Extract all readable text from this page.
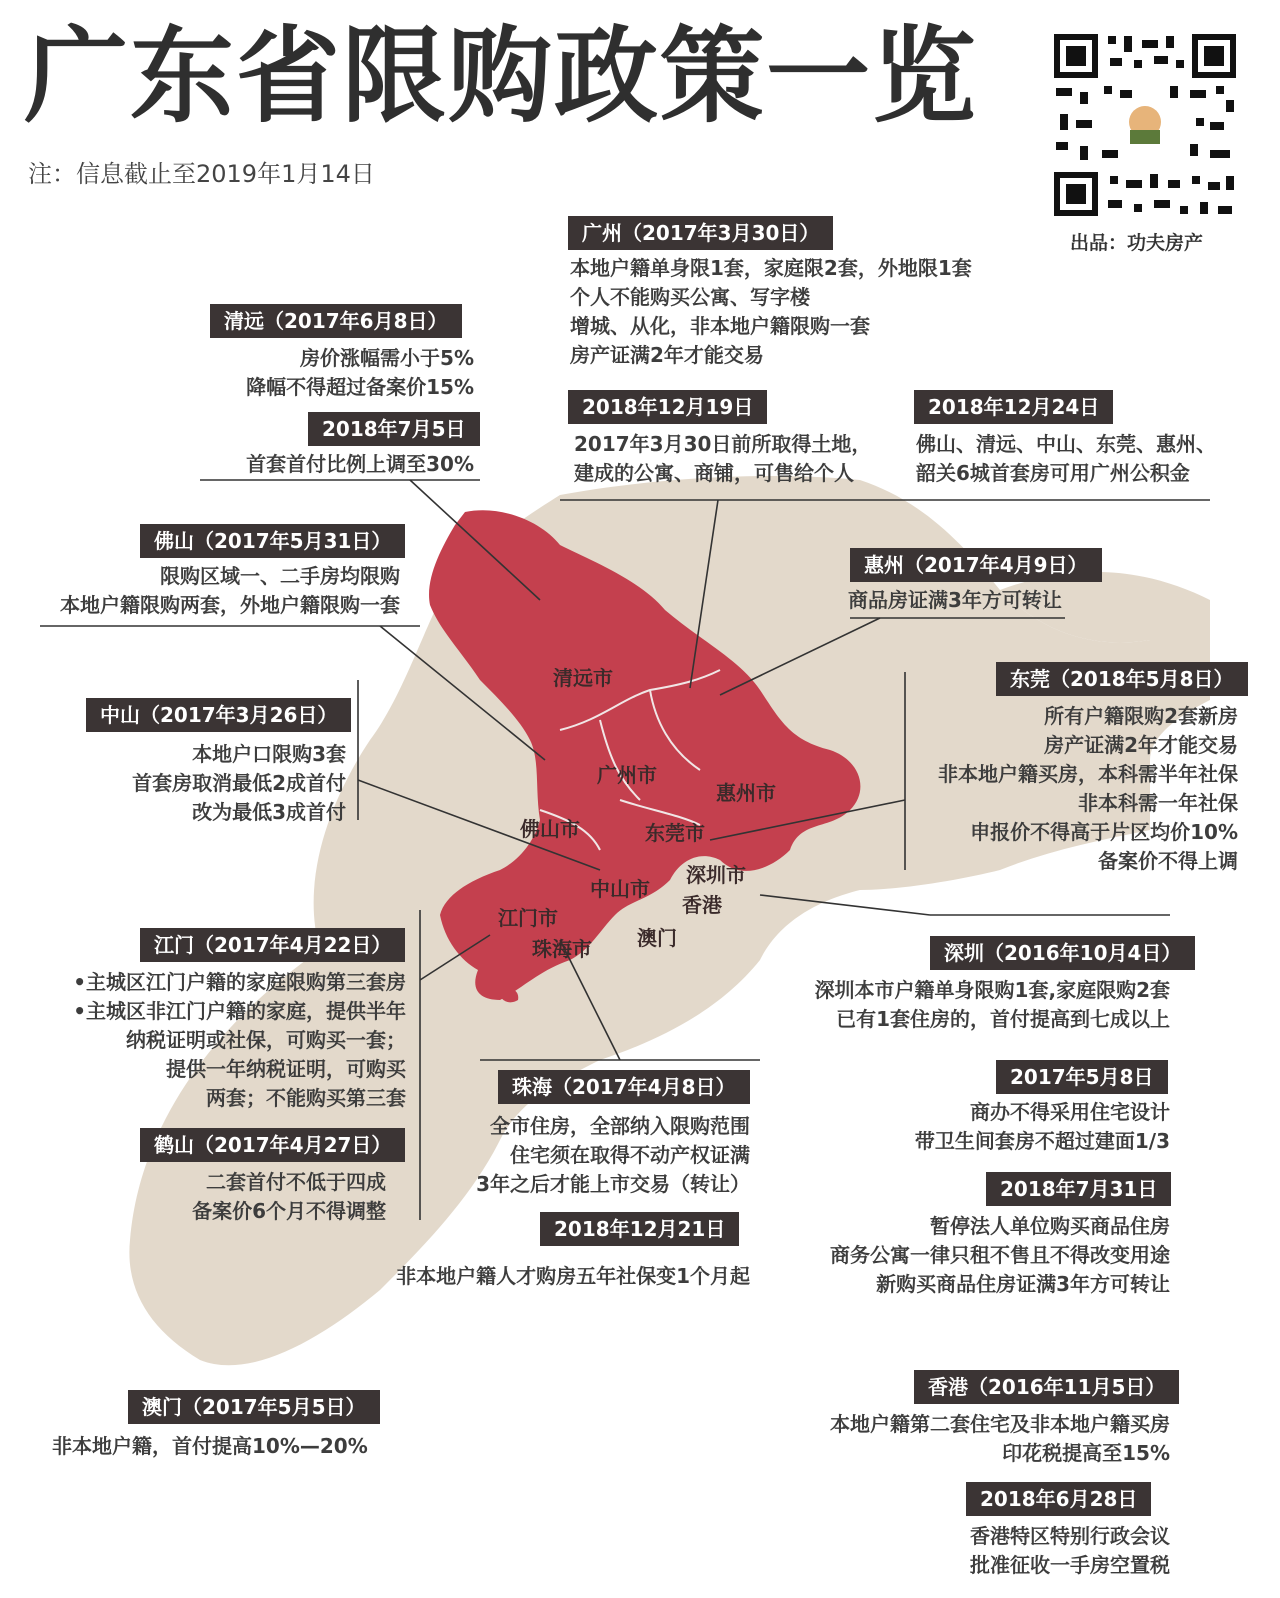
清远市
广州市
惠州市
佛山市	东莞市
深圳市
香港
中山市
江门市
珠海市 澳门
广东省限购政策一览
注：信息截止至2019年1月14日
出品：功夫房产
广州（2017年3月30日）
本地户籍单身限1套，家庭限2套，外地限1套
个人不能购买公寓、写字楼
增城、从化，非本地户籍限购一套
房产证满2年才能交易
2018年12月19日
2017年3月30日前所取得土地，
建成的公寓、商铺，可售给个人
2018年12月24日
佛山、清远、中山、东莞、惠州、
韶关6城首套房可用广州公积金
清远（2017年6月8日）
房价涨幅需小于5%
降幅不得超过备案价15%
2018年7月5日
首套首付比例上调至30%
佛山（2017年5月31日）
限购区域一、二手房均限购
本地户籍限购两套，外地户籍限购一套
惠州（2017年4月9日）
商品房证满3年方可转让
东莞（2018年5月8日）
所有户籍限购2套新房
房产证满2年才能交易
非本地户籍买房，本科需半年社保
非本科需一年社保
申报价不得高于片区均价10%
备案价不得上调
中山（2017年3月26日）
本地户口限购3套
首套房取消最低2成首付
改为最低3成首付
江门（2017年4月22日）
•主城区江门户籍的家庭限购第三套房
•主城区非江门户籍的家庭，提供半年
纳税证明或社保，可购买一套；
提供一年纳税证明，可购买
两套；不能购买第三套
鹤山（2017年4月27日）
二套首付不低于四成
备案价6个月不得调整
珠海（2017年4月8日）
全市住房，全部纳入限购范围
住宅须在取得不动产权证满
3年之后才能上市交易（转让）
2018年12月21日
非本地户籍人才购房五年社保变1个月起
深圳（2016年10月4日）
深圳本市户籍单身限购1套,家庭限购2套
已有1套住房的，首付提高到七成以上
2017年5月8日
商办不得采用住宅设计
带卫生间套房不超过建面1/3
2018年7月31日
暂停法人单位购买商品住房
商务公寓一律只租不售且不得改变用途
新购买商品住房证满3年方可转让
澳门（2017年5月5日）
非本地户籍，首付提高10%—20%
香港（2016年11月5日）
本地户籍第二套住宅及非本地户籍买房
印花税提高至15%
2018年6月28日
香港特区特别行政会议
批准征收一手房空置税
